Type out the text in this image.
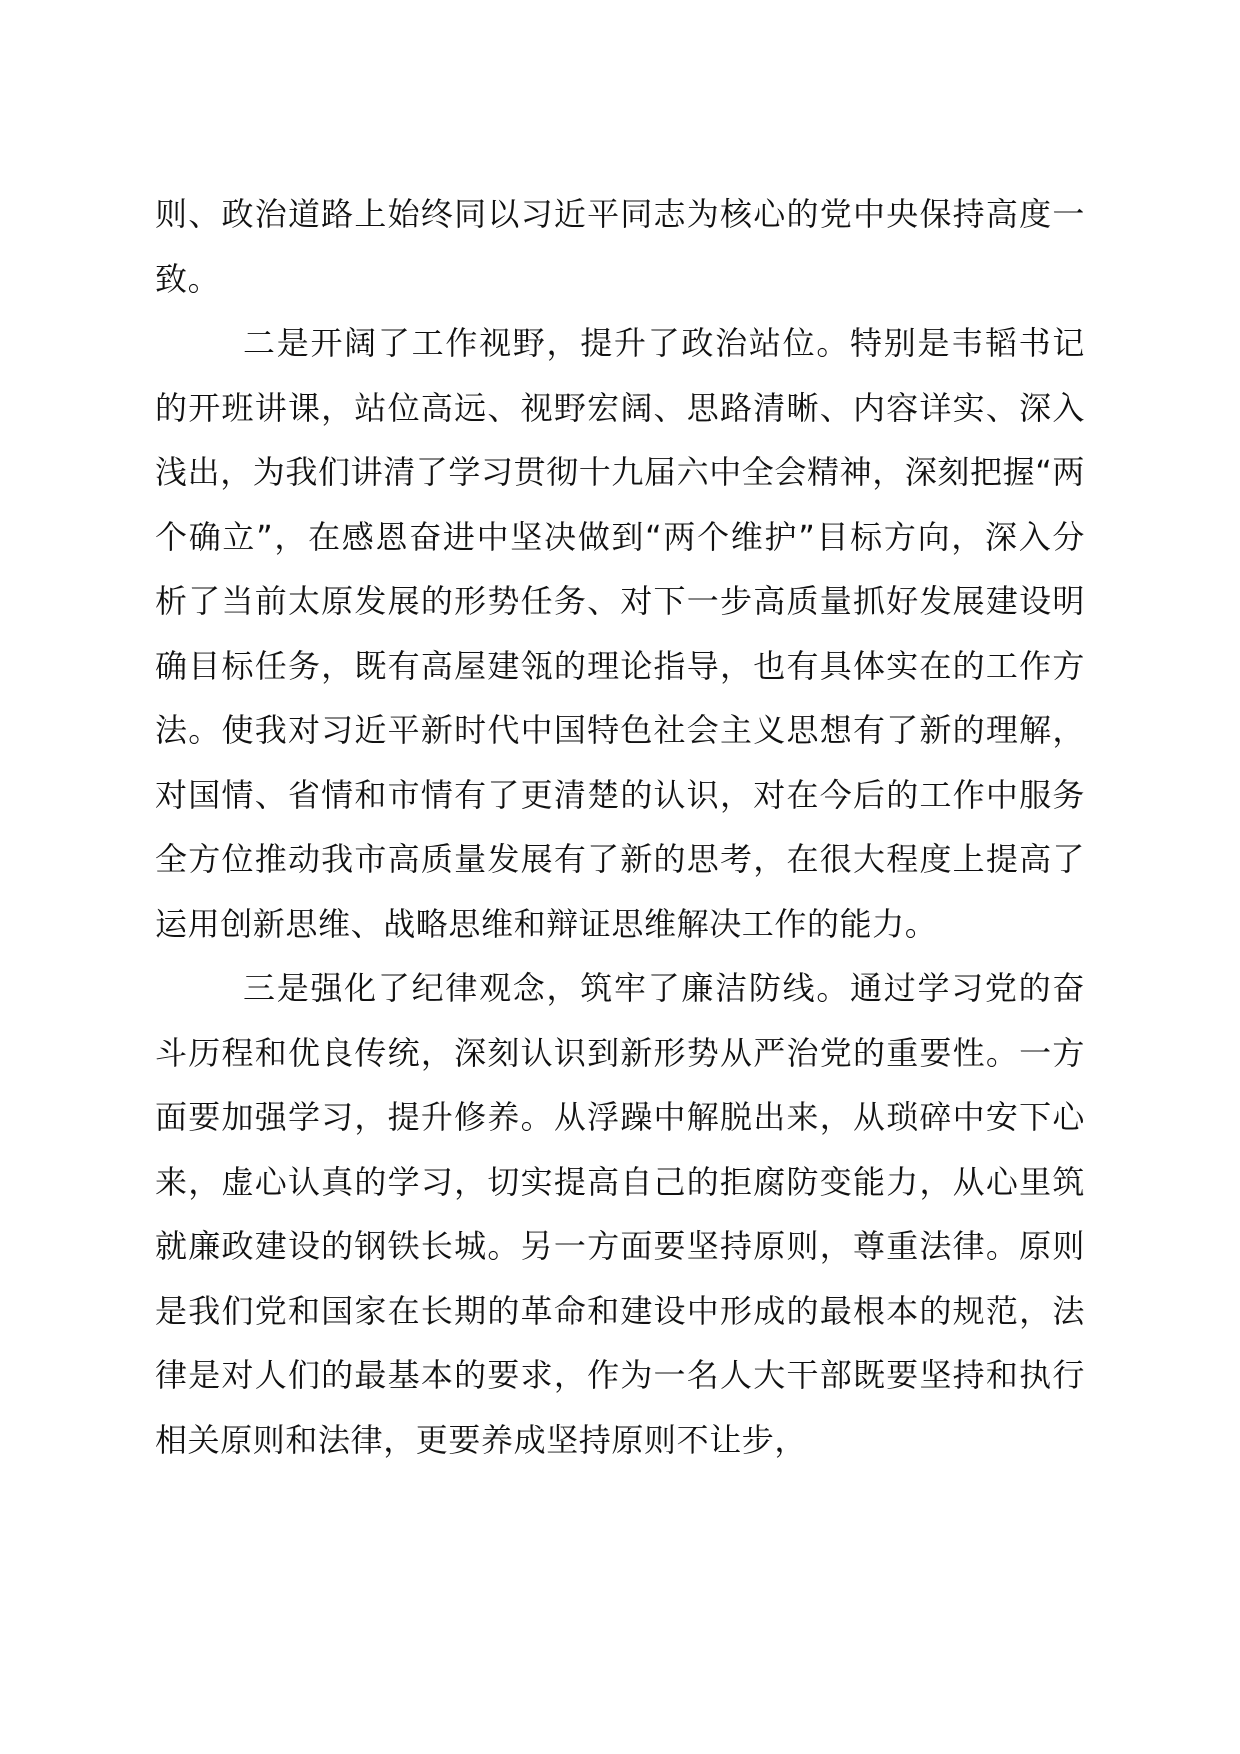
则、政治道路上始终同以习近平同志为核心的党中央保持高度一致。

二是开阔了工作视野，提升了政治站位。特别是韦韬书记的开班讲课，站位高远、视野宏阔、思路清晰、内容详实、深入浅出，为我们讲清了学习贯彻十九届六中全会精神，深刻把握“两个确立”，在感恩奋进中坚决做到“两个维护”目标方向，深入分析了当前太原发展的形势任务、对下一步高质量抓好发展建设明确目标任务，既有高屋建瓴的理论指导，也有具体实在的工作方法。使我对习近平新时代中国特色社会主义思想有了新的理解，对国情、省情和市情有了更清楚的认识，对在今后的工作中服务全方位推动我市高质量发展有了新的思考，在很大程度上提高了运用创新思维、战略思维和辩证思维解决工作的能力。

三是强化了纪律观念，筑牢了廉洁防线。通过学习党的奋斗历程和优良传统，深刻认识到新形势从严治党的重要性。一方面要加强学习，提升修养。从浮躁中解脱出来，从琐碎中安下心来，虚心认真的学习，切实提高自己的拒腐防变能力，从心里筑就廉政建设的钢铁长城。另一方面要坚持原则，尊重法律。原则是我们党和国家在长期的革命和建设中形成的最根本的规范，法律是对人们的最基本的要求，作为一名人大干部既要坚持和执行相关原则和法律，更要养成坚持原则不让步，
